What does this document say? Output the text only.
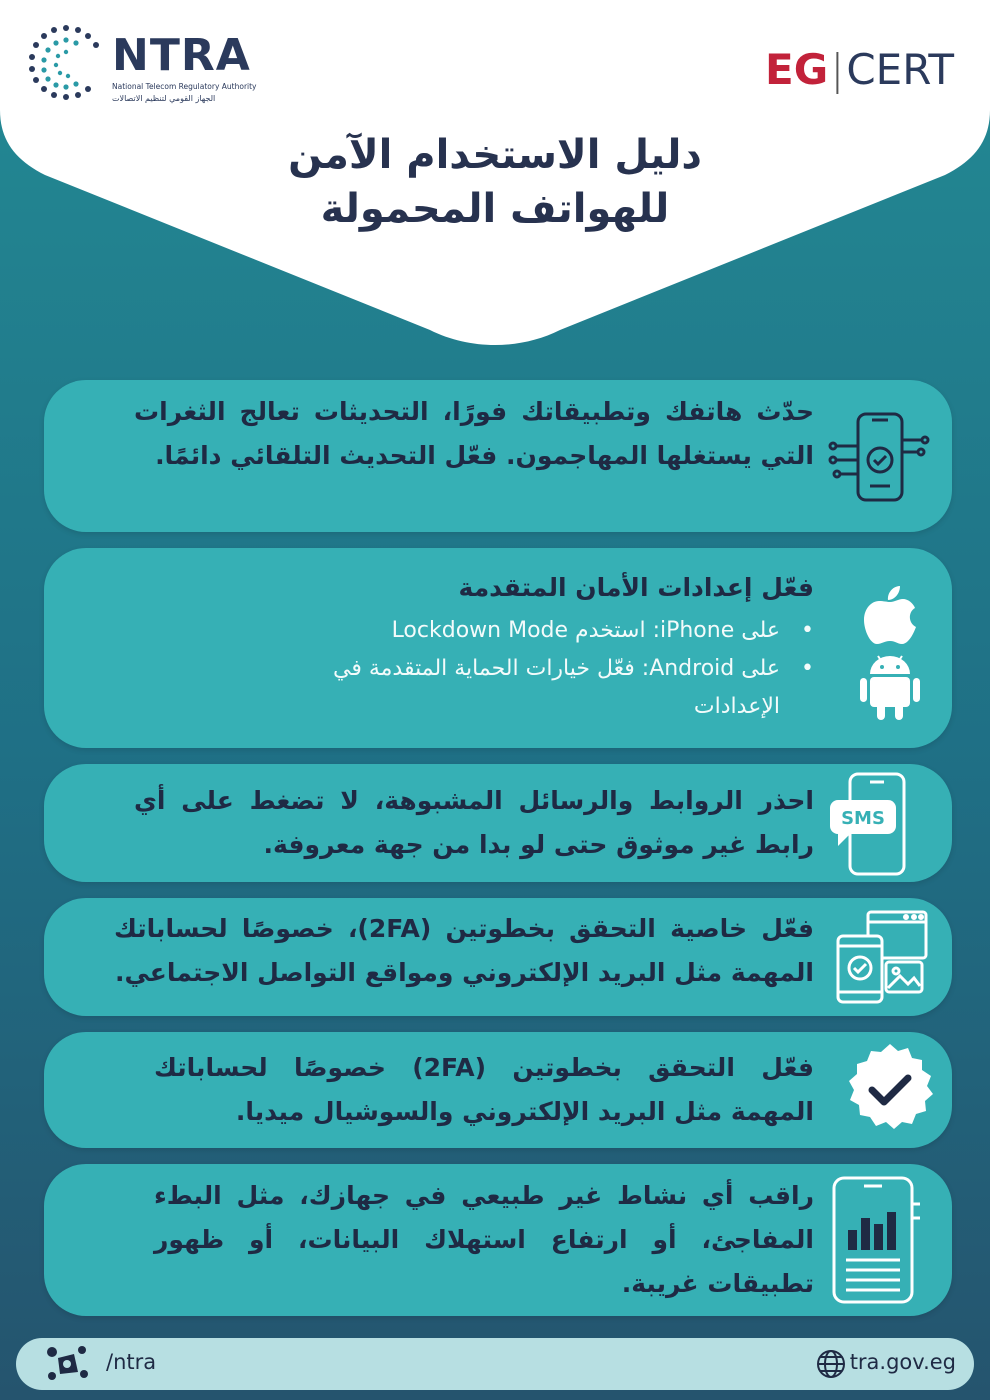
NTRA
National Telecom Regulatory Authority
الجهاز القومي لتنظيم الاتصالات
EG|CERT
دليل الاستخدام الآمن
للهواتف المحمولة
حدّث هاتفك وتطبيقاتك فورًا، التحديثات تعالج الثغرات التي يستغلها المهاجمون. فعّل التحديث التلقائي دائمًا.
فعّل إعدادات الأمان المتقدمة
• على iPhone: استخدم Lockdown Mode
• على Android: فعّل خيارات الحماية المتقدمة في الإعدادات
SMS
احذر الروابط والرسائل المشبوهة، لا تضغط على أي رابط غير موثوق حتى لو بدا من جهة معروفة.
فعّل خاصية التحقق بخطوتين (2FA)، خصوصًا لحساباتك المهمة مثل البريد الإلكتروني ومواقع التواصل الاجتماعي.
فعّل التحقق بخطوتين (2FA) خصوصًا لحساباتك المهمة مثل البريد الإلكتروني والسوشيال ميديا.
راقب أي نشاط غير طبيعي في جهازك، مثل البطء المفاجئ، أو ارتفاع استهلاك البيانات، أو ظهور تطبيقات غريبة.
/ntra	tra.gov.eg
